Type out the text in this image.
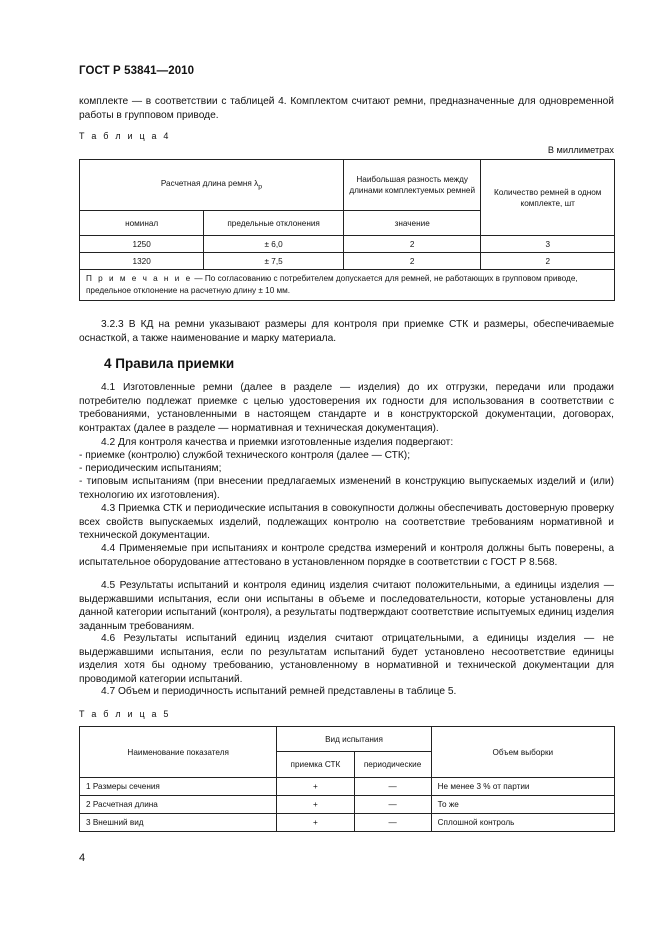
ГОСТ Р 53841—2010
комплекте — в соответствии с таблицей 4. Комплектом считают ремни, предназначенные для одновременной работы в групповом приводе.
Т а б л и ц а 4
В миллиметрах
Расчетная длина ремня $\lambda_p$		Наибольшая разность между длинами комплектуемых ремней	Количество ремней в одном комплекте, шт
номинал	предельные отклонения	значение	
1250	± 6,0	2	3
1320	± 7,5	2	2
П р и м е ч а н и е — По согласованию с потребителем допускается для ремней, не работающих в групповом приводе, предельное отклонение на расчетную длину ± 10 мм.			
3.2.3 В КД на ремни указывают размеры для контроля при приемке СТК и размеры, обеспечиваемые оснасткой, а также наименование и марку материала.
4 Правила приемки
4.1 Изготовленные ремни (далее в разделе — изделия) до их отгрузки, передачи или продажи потребителю подлежат приемке с целью удостоверения их годности для использования в соответствии с требованиями, установленными в настоящем стандарте и в конструкторской документации, договорах, контрактах (далее в разделе — нормативная и техническая документация).
4.2 Для контроля качества и приемки изготовленные изделия подвергают:
- приемке (контролю) службой технического контроля (далее — СТК);
- периодическим испытаниям;
- типовым испытаниям (при внесении предлагаемых изменений в конструкцию выпускаемых изделий и (или) технологию их изготовления).
4.3 Приемка СТК и периодические испытания в совокупности должны обеспечивать достоверную проверку всех свойств выпускаемых изделий, подлежащих контролю на соответствие требованиям нормативной и технической документации.
4.4 Применяемые при испытаниях и контроле средства измерений и контроля должны быть поверены, а испытательное оборудование аттестовано в установленном порядке в соответствии с ГОСТ Р 8.568.
4.5 Результаты испытаний и контроля единиц изделия считают положительными, а единицы изделия — выдержавшими испытания, если они испытаны в объеме и последовательности, которые установлены для данной категории испытаний (контроля), а результаты подтверждают соответствие испытуемых единиц изделия заданным требованиям.
4.6 Результаты испытаний единиц изделия считают отрицательными, а единицы изделия — не выдержавшими испытания, если по результатам испытаний будет установлено несоответствие единицы изделия хотя бы одному требованию, установленному в нормативной и технической документации для проводимой категории испытаний.
4.7 Объем и периодичность испытаний ремней представлены в таблице 5.
Т а б л и ц а 5
Наименование показателя	Вид испытания		Объем выборки
	приемка СТК	периодические	
1 Размеры сечения	+	—	Не менее 3 % от партии
2 Расчетная длина	+	—	То же
3 Внешний вид	+	—	Сплошной контроль
4
